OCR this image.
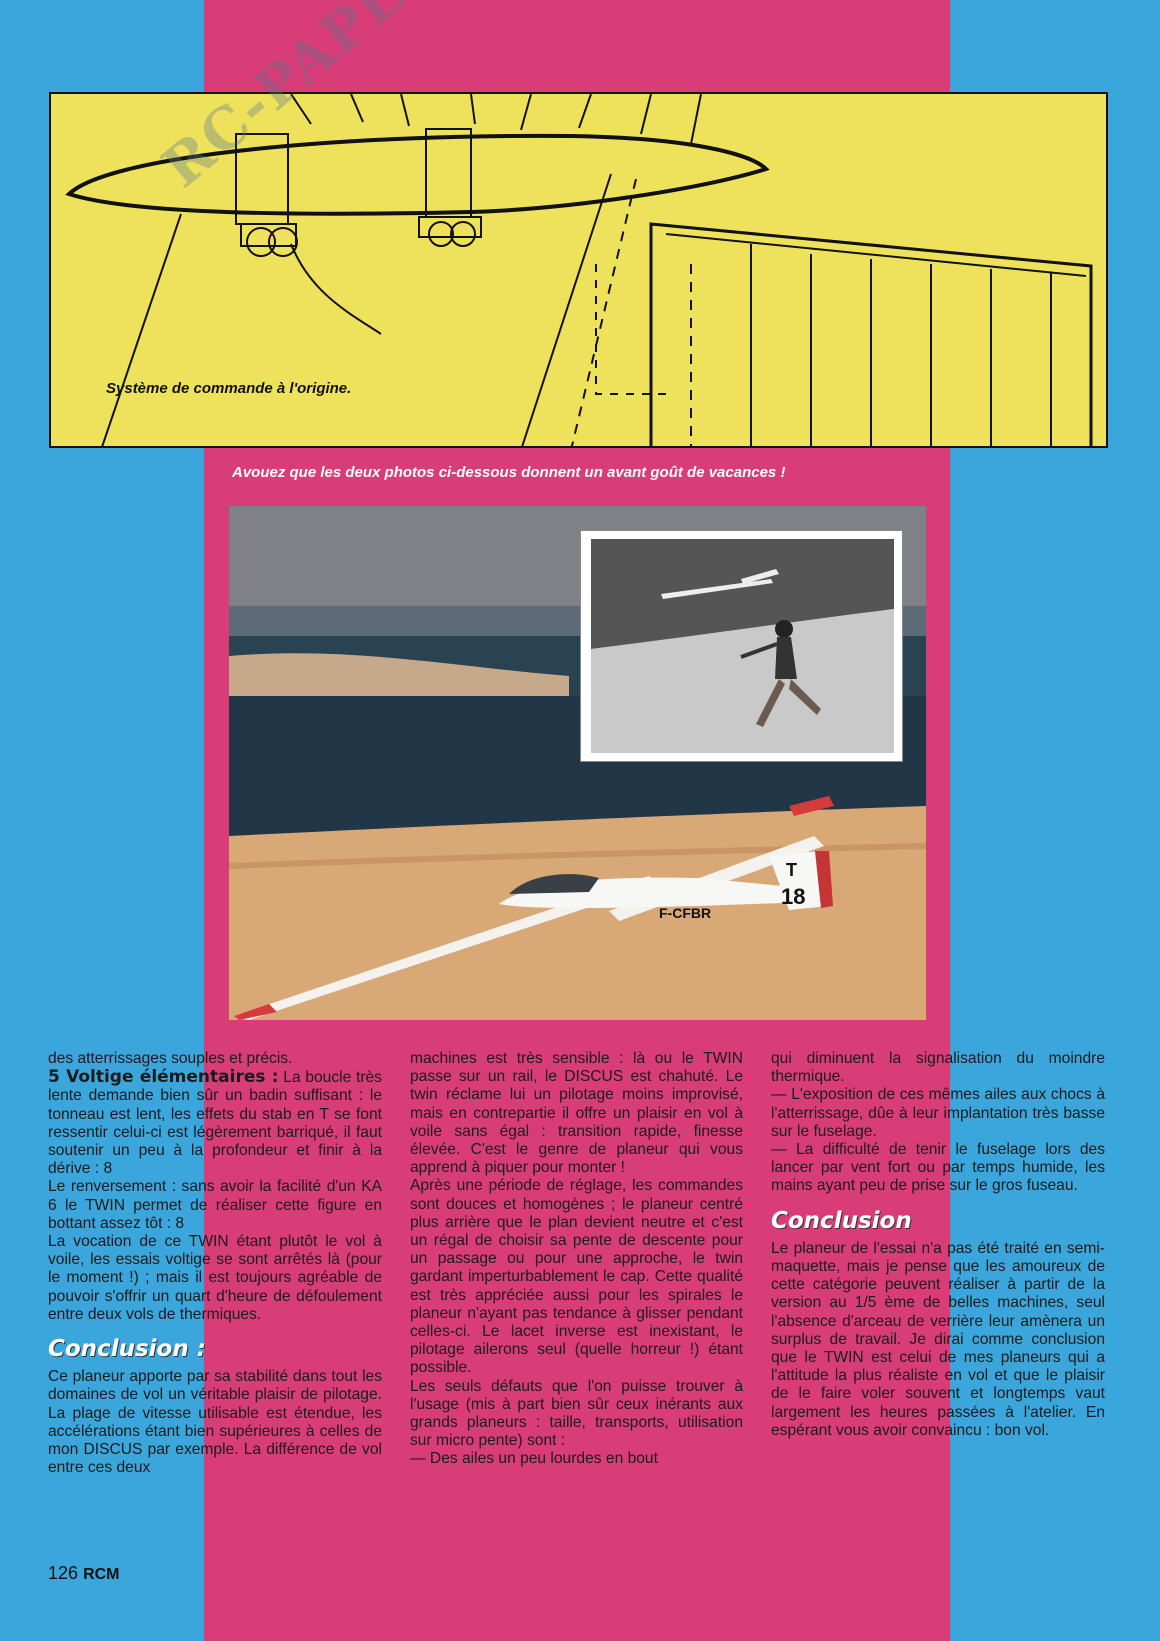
Système de commande à l'origine.
Avouez que les deux photos ci-dessous donnent un avant goût de vacances !
T
18
F-CFBR

des atterrissages souples et précis.

5 Voltige élémentaires : La boucle très lente demande bien sûr un badin suffisant : le tonneau est lent, les effets du stab en T se font ressentir celui-ci est légèrement barriqué, il faut soutenir un peu à la profondeur et finir à la dérive : 8

Le renversement : sans avoir la facilité d'un KA 6 le TWIN permet de réaliser cette figure en bottant assez tôt : 8

La vocation de ce TWIN étant plutôt le vol à voile, les essais voltige se sont arrêtés là (pour le moment !) ; mais il est toujours agréable de pouvoir s'offrir un quart d'heure de défoulement entre deux vols de thermiques.

Conclusion :

Ce planeur apporte par sa stabilité dans tout les domaines de vol un véritable plaisir de pilotage. La plage de vitesse utilisable est étendue, les accélérations étant bien supérieures à celles de mon DISCUS par exemple. La différence de vol entre ces deux

machines est très sensible : là ou le TWIN passe sur un rail, le DISCUS est chahuté. Le twin réclame lui un pilotage moins improvisé, mais en contrepartie il offre un plaisir en vol à voile sans égal : transition rapide, finesse élevée. C'est le genre de planeur qui vous apprend à piquer pour monter !

Après une période de réglage, les commandes sont douces et homogènes ; le planeur centré plus arrière que le plan devient neutre et c'est un régal de choisir sa pente de descente pour un passage ou pour une approche, le twin gardant imperturbablement le cap. Cette qualité est très appréciée aussi pour les spirales le planeur n'ayant pas tendance à glisser pendant celles-ci. Le lacet inverse est inexistant, le pilotage ailerons seul (quelle horreur !) étant possible.

Les seuls défauts que l'on puisse trouver à l'usage (mis à part bien sûr ceux inérants aux grands planeurs : taille, transports, utilisation sur micro pente) sont :

— Des ailes un peu lourdes en bout

qui diminuent la signalisation du moindre thermique.

— L'exposition de ces mêmes ailes aux chocs à l'atterrissage, dûe à leur implantation très basse sur le fuselage.

— La difficulté de tenir le fuselage lors des lancer par vent fort ou par temps humide, les mains ayant peu de prise sur le gros fuseau.

Conclusion

Le planeur de l'essai n'a pas été traité en semi-maquette, mais je pense que les amoureux de cette catégorie peuvent réaliser à partir de la version au 1/5 ème de belles machines, seul l'absence d'arceau de verrière leur amènera un surplus de travail. Je dirai comme conclusion que le TWIN est celui de mes planeurs qui a l'attitude la plus réaliste en vol et que le plaisir de le faire voler souvent et longtemps vaut largement les heures passées à l'atelier. En espérant vous avoir convaincu : bon vol.

126 RCM
